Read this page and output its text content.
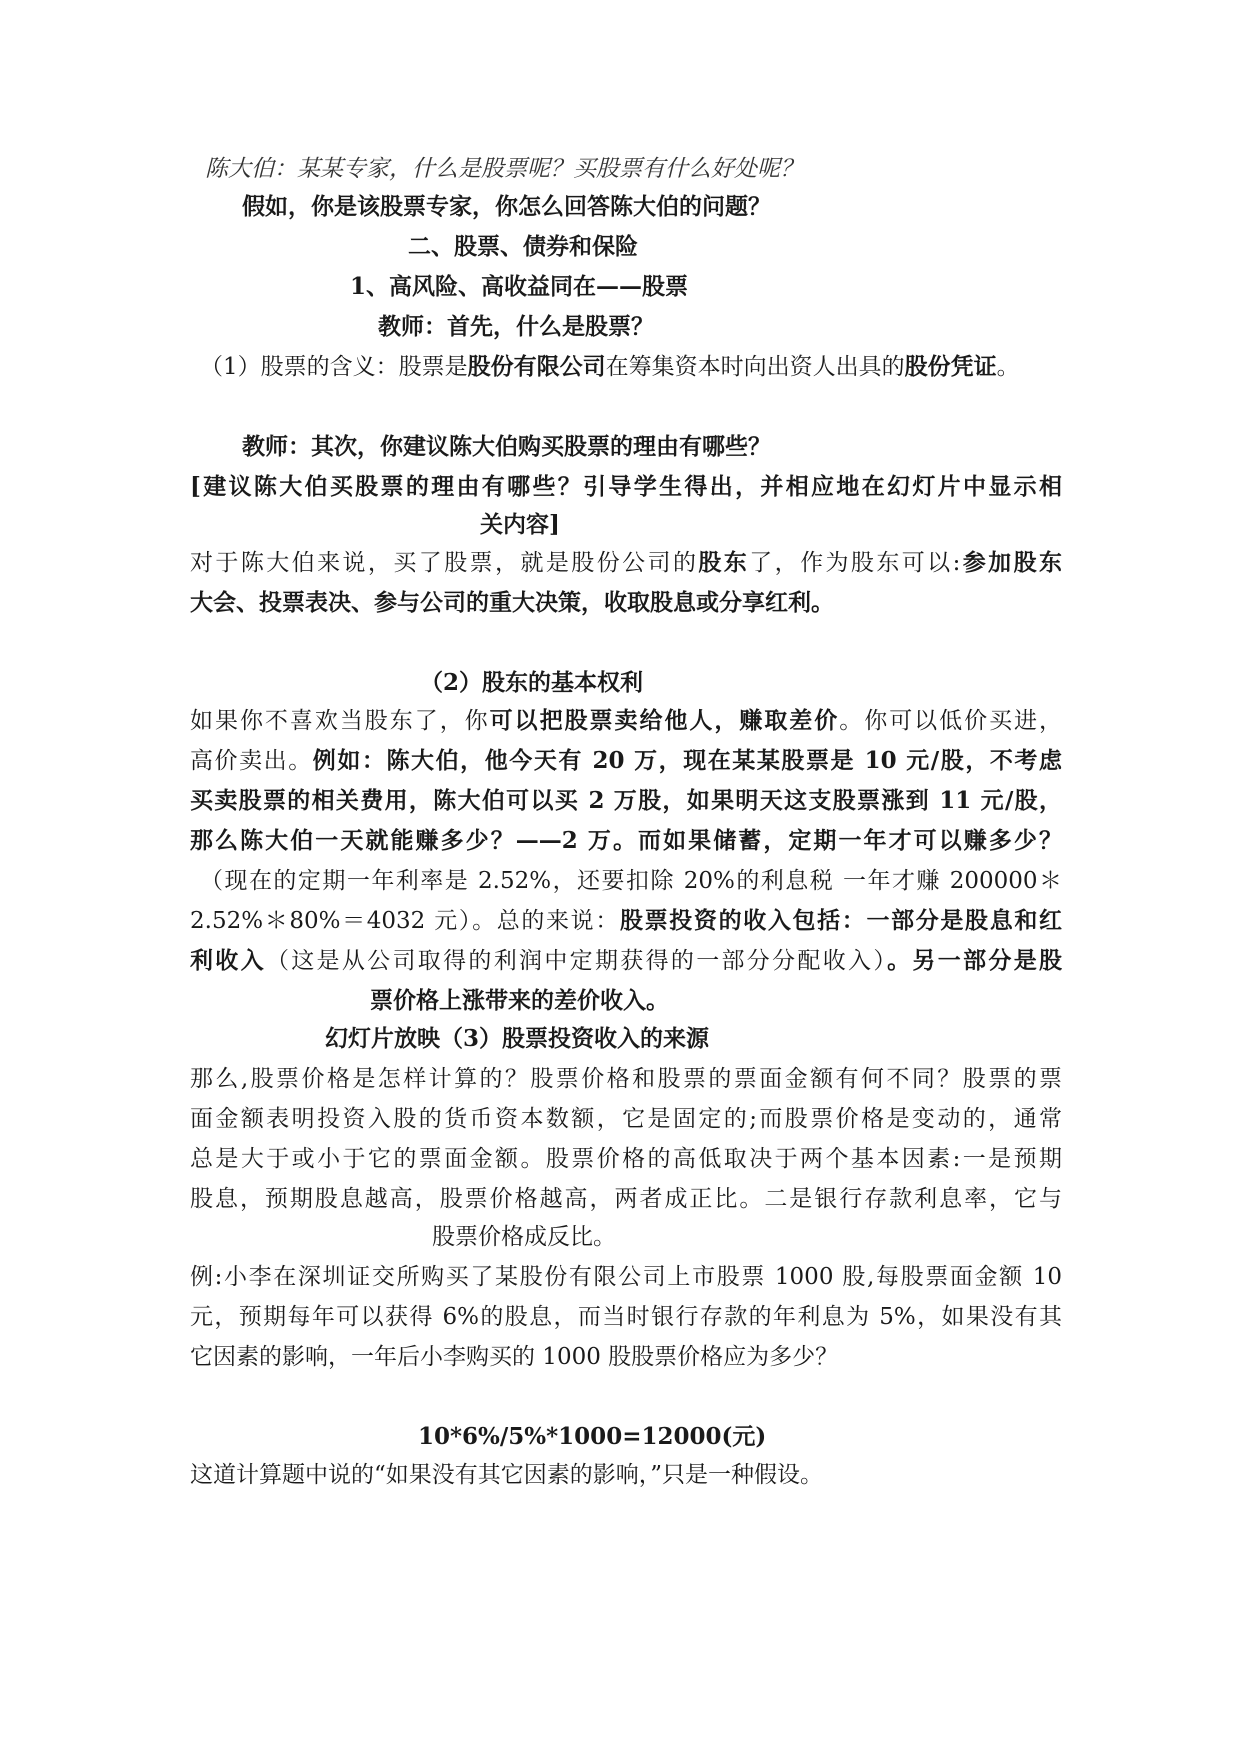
陈大伯：某某专家，什么是股票呢？买股票有什么好处呢？
假如，你是该股票专家，你怎么回答陈大伯的问题？
二、股票、债券和保险
1、高风险、高收益同在——股票
教师：首先，什么是股票？
（1）股票的含义：股票是股份有限公司在筹集资本时向出资人出具的股份凭证。
教师：其次，你建议陈大伯购买股票的理由有哪些？
[建议陈大伯买股票的理由有哪些？引导学生得出，并相应地在幻灯片中显示相
关内容]
对于陈大伯来说，买了股票，就是股份公司的股东了，作为股东可以:参加股东
大会、投票表决、参与公司的重大决策，收取股息或分享红利。
（2）股东的基本权利
如果你不喜欢当股东了，你可以把股票卖给他人，赚取差价。你可以低价买进，
高价卖出。例如：陈大伯，他今天有 20 万，现在某某股票是 10 元/股，不考虑
买卖股票的相关费用，陈大伯可以买 2 万股，如果明天这支股票涨到 11 元/股，
那么陈大伯一天就能赚多少？——2 万。而如果储蓄，定期一年才可以赚多少？
（现在的定期一年利率是 2.52%，还要扣除 20%的利息税 一年才赚 200000＊
2.52%＊80%＝4032 元）。总的来说：股票投资的收入包括：一部分是股息和红
利收入（这是从公司取得的利润中定期获得的一部分分配收入）。另一部分是股
票价格上涨带来的差价收入。
幻灯片放映（3）股票投资收入的来源
那么,股票价格是怎样计算的？股票价格和股票的票面金额有何不同？股票的票
面金额表明投资入股的货币资本数额，它是固定的;而股票价格是变动的，通常
总是大于或小于它的票面金额。股票价格的高低取决于两个基本因素:一是预期
股息，预期股息越高，股票价格越高，两者成正比。二是银行存款利息率，它与
股票价格成反比。
例:小李在深圳证交所购买了某股份有限公司上市股票 1000 股,每股票面金额 10
元，预期每年可以获得 6%的股息，而当时银行存款的年利息为 5%，如果没有其
它因素的影响，一年后小李购买的 1000 股股票价格应为多少？
10*6%/5%*1000=12000(元)
这道计算题中说的“如果没有其它因素的影响，”只是一种假设。
